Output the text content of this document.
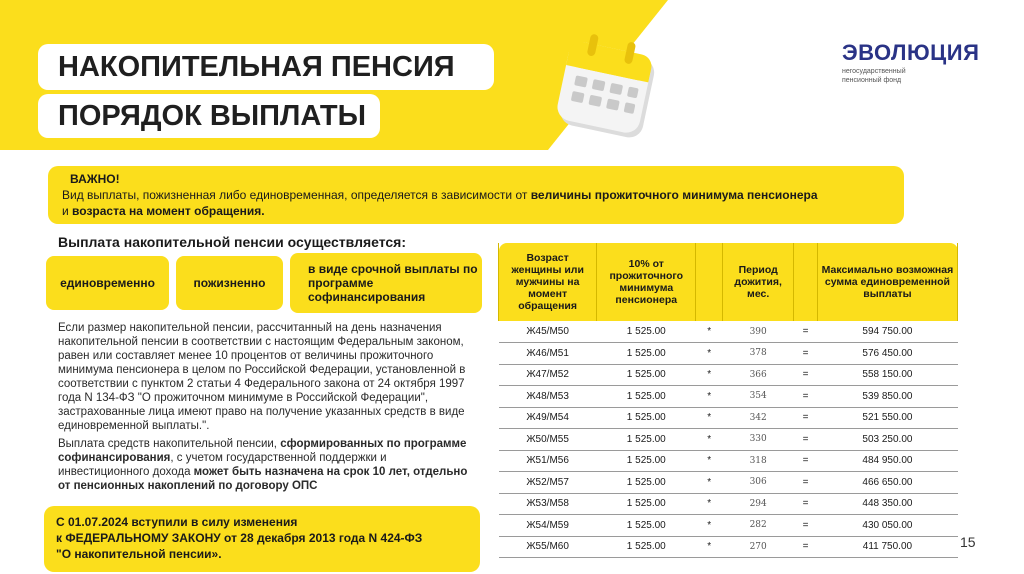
НАКОПИТЕЛЬНАЯ ПЕНСИЯ
ПОРЯДОК ВЫПЛАТЫ
ЭВОЛЮЦИЯ
негосударственный пенсионный фонд
ВАЖНО!
Вид выплаты, пожизненная либо единовременная, определяется в зависимости от величины прожиточного минимума пенсионера
и возраста на момент обращения.
Выплата накопительной пенсии осуществляется:
единовременно	пожизненно
в виде срочной выплаты по программе софинансирования
Если размер накопительной пенсии, рассчитанный на день назначения накопительной пенсии в соответствии с настоящим Федеральным законом, равен или составляет менее 10 процентов от величины прожиточного минимума пенсионера в целом по Российской Федерации, установленной в соответствии с пунктом 2 статьи 4 Федерального закона от 24 октября 1997 года N 134-ФЗ "О прожиточном минимуме в Российской Федерации", застрахованные лица имеют право на получение указанных средств в виде единовременной выплаты.".
Выплата средств накопительной пенсии, сформированных по программе софинансирования, с учетом государственной поддержки и инвестиционного дохода может быть назначена на срок 10 лет, отдельно от пенсионных накоплений по договору ОПС
С 01.07.2024 вступили в силу изменения
к ФЕДЕРАЛЬНОМУ ЗАКОНУ от 28 декабря 2013 года N 424-ФЗ
"О накопительной пенсии».
Возраст женщины или мужчины на момент обращения	10% от прожиточного минимума пенсионера		Период дожития, мес.		Максимально возможная сумма единовременной выплаты
Ж45/М50	1 525.00	*	390	=	594 750.00
Ж46/М51	1 525.00	*	378	=	576 450.00
Ж47/М52	1 525.00	*	366	=	558 150.00
Ж48/М53	1 525.00	*	354	=	539 850.00
Ж49/М54	1 525.00	*	342	=	521 550.00
Ж50/М55	1 525.00	*	330	=	503 250.00
Ж51/М56	1 525.00	*	318	=	484 950.00
Ж52/М57	1 525.00	*	306	=	466 650.00
Ж53/М58	1 525.00	*	294	=	448 350.00
Ж54/М59	1 525.00	*	282	=	430 050.00
Ж55/М60	1 525.00	*	270	=	411 750.00	15
